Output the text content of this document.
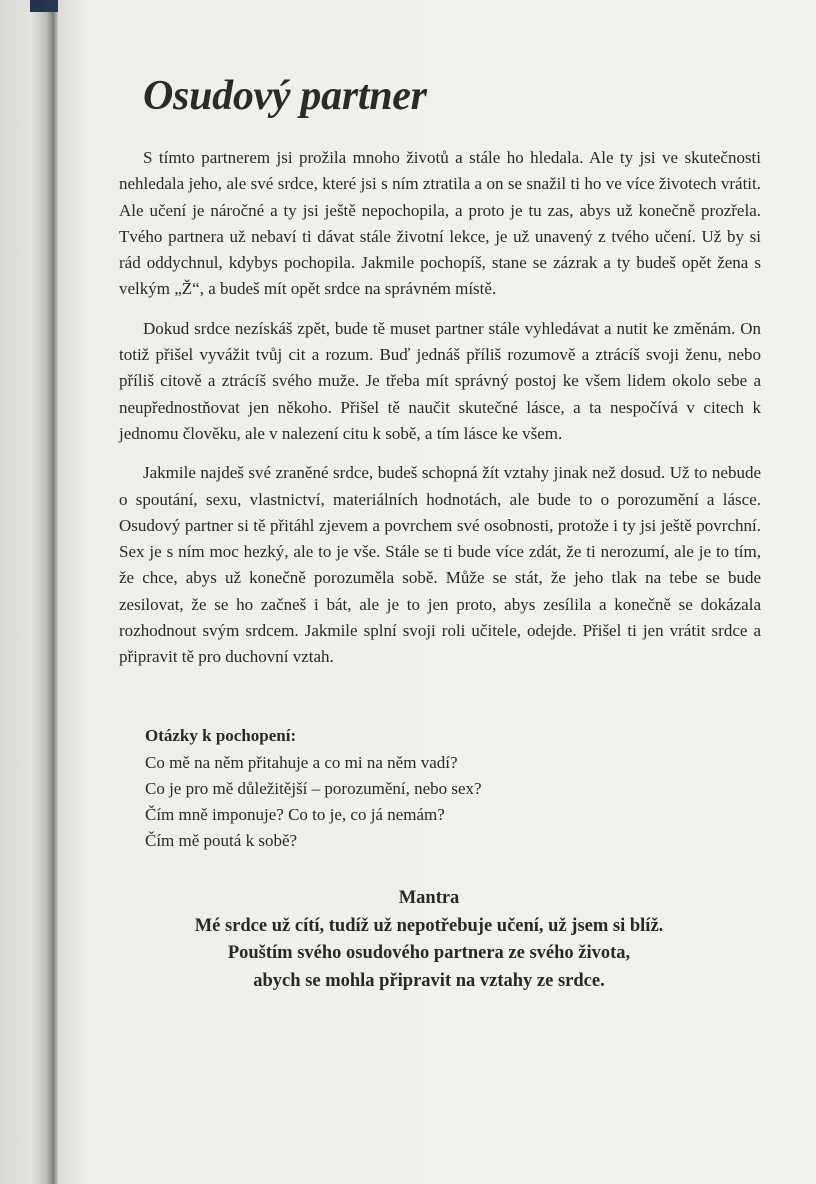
Osudový partner

S tímto partnerem jsi prožila mnoho životů a stále ho hledala. Ale ty jsi ve skutečnosti nehledala jeho, ale své srdce, které jsi s ním ztratila a on se snažil ti ho ve více životech vrátit. Ale učení je náročné a ty jsi ještě nepochopila, a proto je tu zas, abys už konečně prozřela. Tvého partnera už nebaví ti dávat stále životní lekce, je už unavený z tvého učení. Už by si rád oddychnul, kdybys pochopila. Jakmile pochopíš, stane se zázrak a ty budeš opět žena s velkým „Ž“, a budeš mít opět srdce na správném místě.

Dokud srdce nezískáš zpět, bude tě muset partner stále vyhledávat a nutit ke změnám. On totiž přišel vyvážit tvůj cit a rozum. Buď jednáš příliš rozumově a ztrácíš svoji ženu, nebo příliš citově a ztrácíš svého muže. Je třeba mít správný postoj ke všem lidem okolo sebe a neupřednostňovat jen někoho. Přišel tě naučit skutečné lásce, a ta nespočívá v citech k jednomu člověku, ale v nalezení citu k sobě, a tím lásce ke všem.

Jakmile najdeš své zraněné srdce, budeš schopná žít vztahy jinak než dosud. Už to nebude o spoutání, sexu, vlastnictví, materiálních hodnotách, ale bude to o porozumění a lásce. Osudový partner si tě přitáhl zjevem a povrchem své osobnosti, protože i ty jsi ještě povrchní. Sex je s ním moc hezký, ale to je vše. Stále se ti bude více zdát, že ti nerozumí, ale je to tím, že chce, abys už konečně porozuměla sobě. Může se stát, že jeho tlak na tebe se bude zesilovat, že se ho začneš i bát, ale je to jen proto, abys zesílila a konečně se dokázala rozhodnout svým srdcem. Jakmile splní svoji roli učitele, odejde. Přišel ti jen vrátit srdce a připravit tě pro duchovní vztah.

Otázky k pochopení:

Co mě na něm přitahuje a co mi na něm vadí?

Co je pro mě důležitější – porozumění, nebo sex?

Čím mně imponuje? Co to je, co já nemám?

Čím mě poutá k sobě?

Mantra

Mé srdce už cítí, tudíž už nepotřebuje učení, už jsem si blíž.

Pouštím svého osudového partnera ze svého života,

abych se mohla připravit na vztahy ze srdce.
